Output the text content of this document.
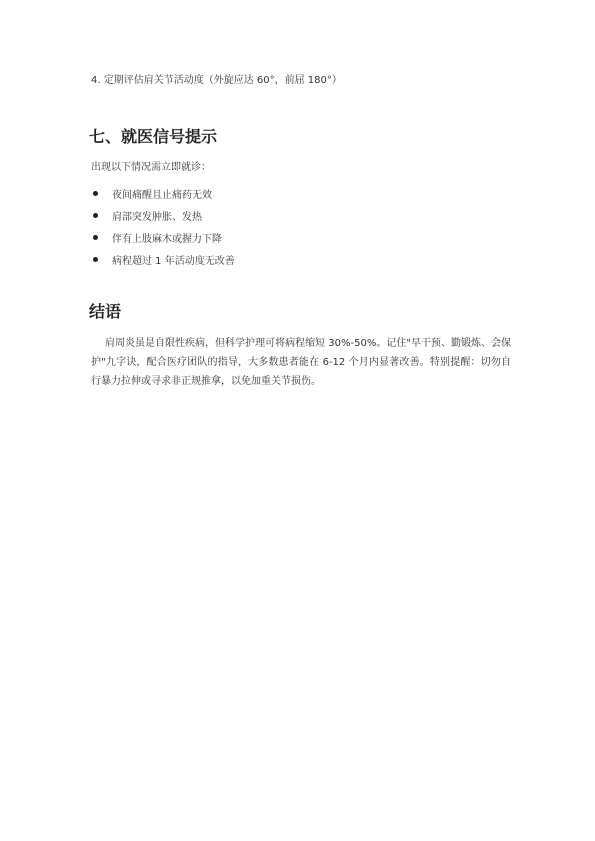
4. 定期评估肩关节活动度（外旋应达 60°，前屈 180°）
七、就医信号提示
出现以下情况需立即就诊：
夜间痛醒且止痛药无效
肩部突发肿胀、发热
伴有上肢麻木或握力下降
病程超过 1 年活动度无改善
结语

肩周炎虽是自限性疾病，但科学护理可将病程缩短 30%-50%。记住"早干预、勤锻炼、会保护"九字诀，配合医疗团队的指导，大多数患者能在 6-12 个月内显著改善。特别提醒：切勿自行暴力拉伸或寻求非正规推拿，以免加重关节损伤。
